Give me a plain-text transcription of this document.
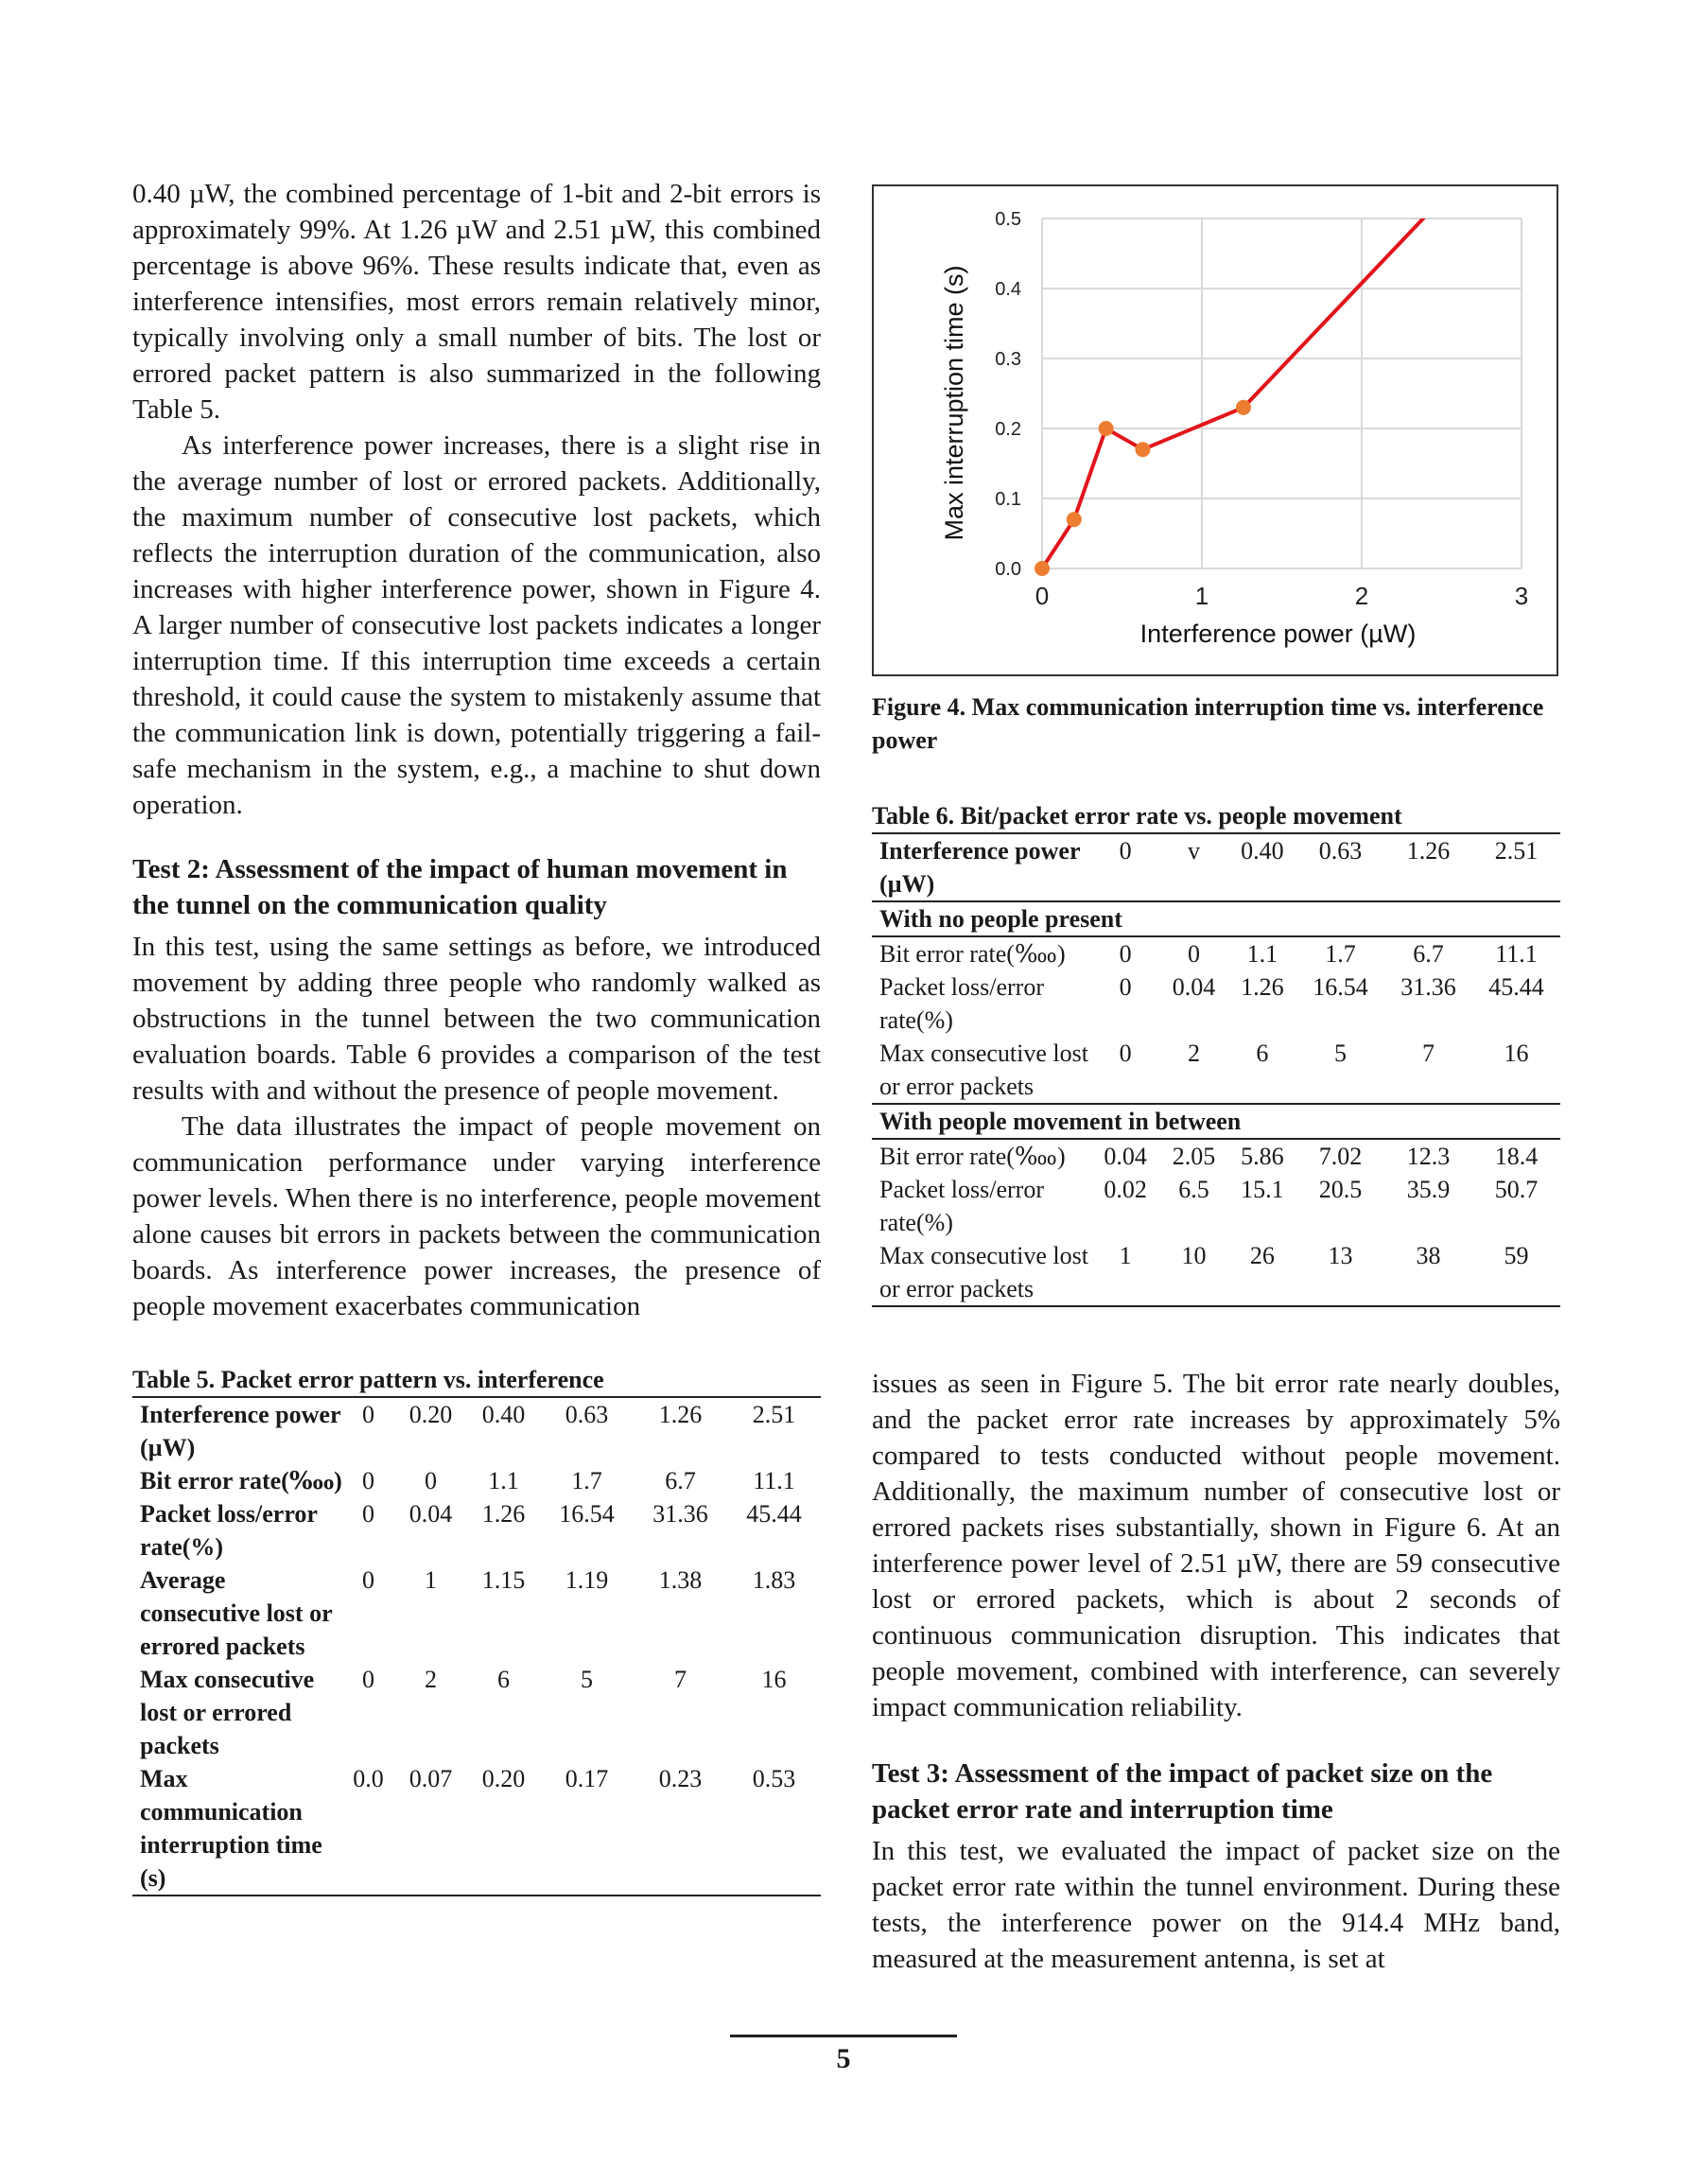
0.40 µW, the combined percentage of 1-bit and 2-bit errors is approximately 99%. At 1.26 µW and 2.51 µW, this combined percentage is above 96%. These results indicate that, even as interference intensifies, most errors remain relatively minor, typically involving only a small number of bits. The lost or errored packet pattern is also summarized in the following Table 5.

As interference power increases, there is a slight rise in the average number of lost or errored packets. Additionally, the maximum number of consecutive lost packets, which reflects the interruption duration of the communication, also increases with higher interference power, shown in Figure 4. A larger number of consecutive lost packets indicates a longer interruption time. If this interruption time exceeds a certain threshold, it could cause the system to mistakenly assume that the communication link is down, potentially triggering a fail-safe mechanism in the system, e.g., a machine to shut down operation.

Test 2: Assessment of the impact of human movement in the tunnel on the communication quality

In this test, using the same settings as before, we introduced movement by adding three people who randomly walked as obstructions in the tunnel between the two communication evaluation boards. Table 6 provides a comparison of the test results with and without the presence of people movement.

The data illustrates the impact of people movement on communication performance under varying interference power levels. When there is no interference, people movement alone causes bit errors in packets between the communication boards. As interference power increases, the presence of people movement exacerbates communication

Table 5. Packet error pattern vs. interference
Interference power (µW)	0	0.20	0.40	0.63	1.26	2.51
Bit error rate(‱)	0	0	1.1	1.7	6.7	11.1
Packet loss/error rate(%)	0	0.04	1.26	16.54	31.36	45.44
Average consecutive lost or errored packets	0	1	1.15	1.19	1.38	1.83
Max consecutive lost or errored packets	0	2	6	5	7	16
Max communication interruption time (s)	0.0	0.07	0.20	0.17	0.23	0.53
0.0
0.1
0.2
0.3
0.4
0.5
0	1	2	3
Interference power (µW)
Max interruption time (s)
Figure 4. Max communication interruption time vs. interference power
Table 6. Bit/packet error rate vs. people movement
Interference power (µW)	0	v	0.40	0.63	1.26	2.51
With no people present						
Bit error rate(‱)	0	0	1.1	1.7	6.7	11.1
Packet loss/error rate(%)	0	0.04	1.26	16.54	31.36	45.44
Max consecutive lost or error packets	0	2	6	5	7	16
With people movement in between						
Bit error rate(‱)	0.04	2.05	5.86	7.02	12.3	18.4
Packet loss/error rate(%)	0.02	6.5	15.1	20.5	35.9	50.7
Max consecutive lost or error packets	1	10	26	13	38	59

issues as seen in Figure 5. The bit error rate nearly doubles, and the packet error rate increases by approximately 5% compared to tests conducted without people movement. Additionally, the maximum number of consecutive lost or errored packets rises substantially, shown in Figure 6. At an interference power level of 2.51 µW, there are 59 consecutive lost or errored packets, which is about 2 seconds of continuous communication disruption. This indicates that people movement, combined with interference, can severely impact communication reliability.

Test 3: Assessment of the impact of packet size on the packet error rate and interruption time

In this test, we evaluated the impact of packet size on the packet error rate within the tunnel environment. During these tests, the interference power on the 914.4 MHz band, measured at the measurement antenna, is set at

5
